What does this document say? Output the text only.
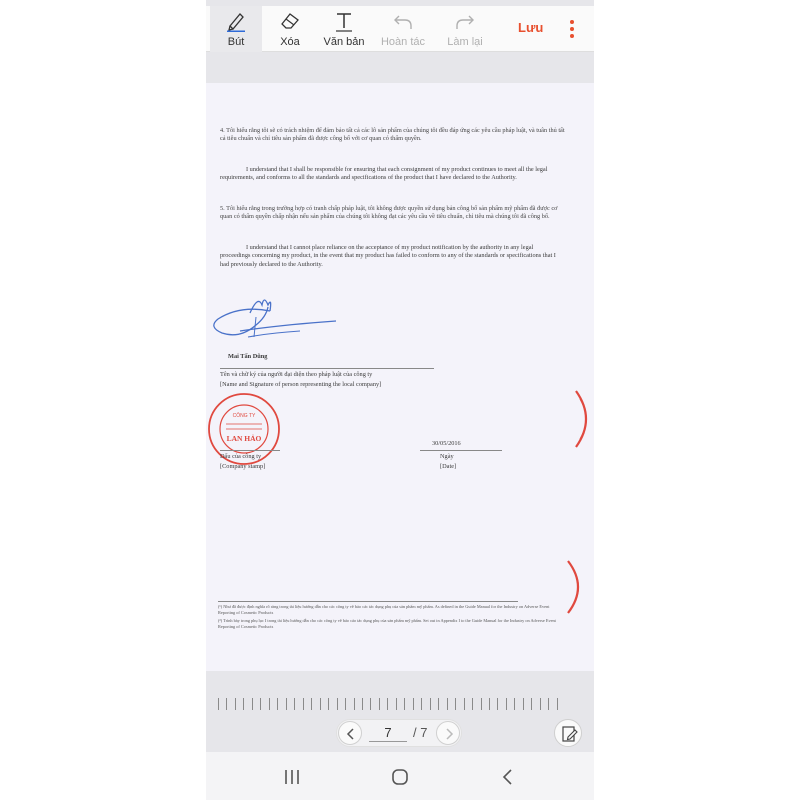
Bút	Xóa	Văn bản	Hoàn tác	Làm lại
Lưu
4. Tôi hiểu rằng tôi sẽ có trách nhiệm để đảm bảo tất cả các lô sản phẩm của chúng tôi đều đáp ứng các yêu cầu pháp luật, và tuân thủ tất cả tiêu chuẩn và chỉ tiêu sản phẩm đã được công bố với cơ quan có thẩm quyền.
I understand that I shall be responsible for ensuring that each consignment of my product continues to meet all the legal requirements, and conforms to all the standards and specifications of the product that I have declared to the Authority.
5. Tôi hiểu rằng trong trường hợp có tranh chấp pháp luật, tôi không được quyền sử dụng bản công bố sản phẩm mỹ phẩm đã được cơ quan có thẩm quyền chấp nhận nếu sản phẩm của chúng tôi không đạt các yêu cầu về tiêu chuẩn, chỉ tiêu mà chúng tôi đã công bố.
I understand that I cannot place reliance on the acceptance of my product notification by the authority in any legal proceedings concerning my product, in the event that my product has failed to conform to any of the standards or specifications that I had previously declared to the Authority.
Mai Tấn Dũng
Tên và chữ ký của người đại diện theo pháp luật của công ty
[Name and Signature of person representing the local company]
CÔNG TY
LAN HẢO
30/05/2016
Dấu của công ty
[Company stamp]
Ngày
[Date]
(¹) Như đã được định nghĩa rõ ràng trong tài liệu hướng dẫn cho các công ty về bảo các tác dụng phụ của sản phẩm mỹ phẩm. As defined in the Guide Manual for the Industry on Adverse Event Reporting of Cosmetic Products
(²) Trình bày trong phụ lục I trong tài liệu hướng dẫn cho các công ty về báo cáo tác dụng phụ của sản phẩm mỹ phẩm. Set out in Appendix I to the Guide Manual for the Industry on Adverse Event Reporting of Cosmetic Products
7
/ 7
